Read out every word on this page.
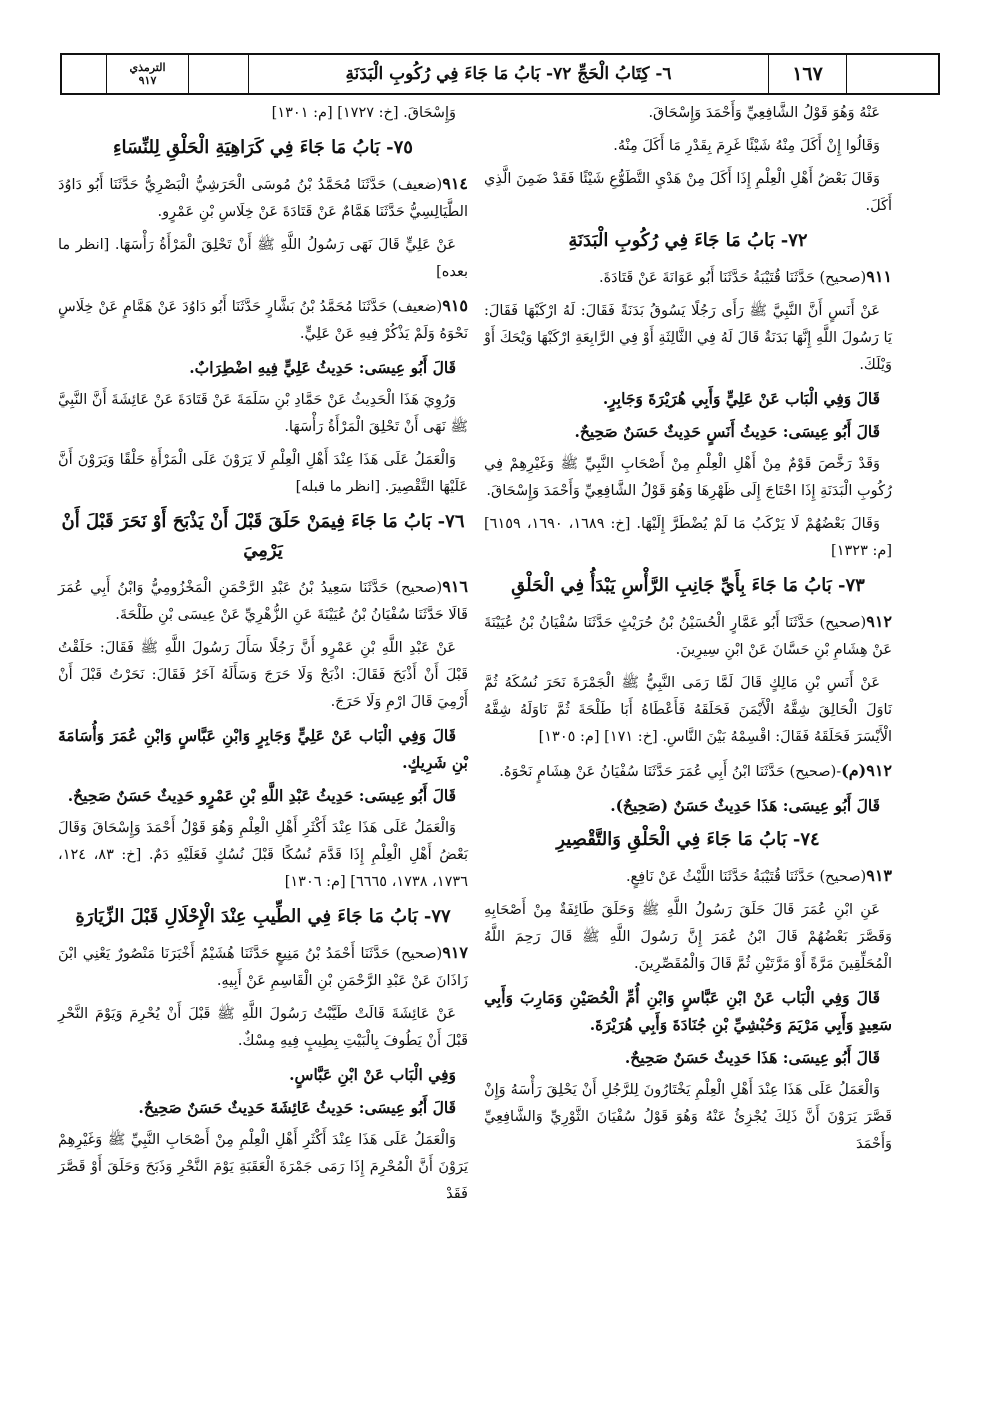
١٦٧
٦- كِتَابُ الْحَجِّ ٧٢- بَابُ مَا جَاءَ فِي رُكُوبِ الْبَدَنَةِ
الترمذي
٩١٧

عَنْهُ وَهُوَ قَوْلُ الشَّافِعِيِّ وَأَحْمَدَ وَإِسْحَاقَ.

وَقَالُوا إِنْ أَكَلَ مِنْهُ شَيْئًا غَرِمَ بِقَدْرِ مَا أَكَلَ مِنْهُ.

وَقَالَ بَعْضُ أَهْلِ الْعِلْمِ إِذَا أَكَلَ مِنْ هَدْيِ التَّطَوُّعِ شَيْئًا فَقَدْ ضَمِنَ الَّذِي أَكَلَ.

٧٢- بَابُ مَا جَاءَ فِي رُكُوبِ الْبَدَنَةِ

٩١١(صحيح) حَدَّثَنَا قُتَيْبَةُ حَدَّثَنَا أَبُو عَوَانَةَ عَنْ قَتَادَةَ.

عَنْ أَنَسٍ أَنَّ النَّبِيَّ ﷺ رَأَى رَجُلًا يَسُوقُ بَدَنَةً فَقَالَ: لَهُ ارْكَبْهَا فَقَالَ: يَا رَسُولَ اللَّهِ إِنَّهَا بَدَنَةٌ قَالَ لَهُ فِي الثَّالِثَةِ أَوْ فِي الرَّابِعَةِ ارْكَبْهَا وَيْحَكَ أَوْ وَيْلَكَ.

قَالَ وَفِي الْبَاب عَنْ عَلِيٍّ وَأَبِي هُرَيْرَةَ وَجَابِرٍ.

قَالَ أَبُو عِيسَى: حَدِيثُ أَنَسٍ حَدِيثٌ حَسَنٌ صَحِيحٌ.

وَقَدْ رَخَّصَ قَوْمٌ مِنْ أَهْلِ الْعِلْمِ مِنْ أَصْحَابِ النَّبِيِّ ﷺ وَغَيْرِهِمْ فِي رُكُوبِ الْبَدَنَةِ إِذَا احْتَاجَ إِلَى ظَهْرِهَا وَهُوَ قَوْلُ الشَّافِعِيِّ وَأَحْمَدَ وَإِسْحَاقَ.

وَقَالَ بَعْضُهُمْ لَا يَرْكَبُ مَا لَمْ يُضْطَرَّ إِلَيْهَا. [خ: ١٦٨٩، ١٦٩٠، ٦١٥٩] [م: ١٣٢٣]

٧٣- بَابُ مَا جَاءَ بِأَيِّ جَانِبِ الرَّأْسِ يَبْدَأُ فِي الْحَلْقِ

٩١٢(صحيح) حَدَّثَنَا أَبُو عَمَّارٍ الْحُسَيْنُ بْنُ حُرَيْثٍ حَدَّثَنَا سُفْيَانُ بْنُ عُيَيْنَةَ عَنْ هِشَامِ بْنِ حَسَّانَ عَنْ ابْنِ سِيرِينَ.

عَنْ أَنَسِ بْنِ مَالِكٍ قَالَ لَمَّا رَمَى النَّبِيُّ ﷺ الْجَمْرَةَ نَحَرَ نُسُكَهُ ثُمَّ نَاوَلَ الْحَالِقَ شِقَّهُ الْأَيْمَنَ فَحَلَقَهُ فَأَعْطَاهُ أَبَا طَلْحَةَ ثُمَّ نَاوَلَهُ شِقَّهُ الْأَيْسَرَ فَحَلَقَهُ فَقَالَ: اقْسِمْهُ بَيْنَ النَّاسِ. [خ: ١٧١] [م: ١٣٠٥]

٩١٢(م)-(صحيح) حَدَّثَنَا ابْنُ أَبِي عُمَرَ حَدَّثَنَا سُفْيَانُ عَنْ هِشَامٍ نَحْوَهُ.

قَالَ أَبُو عِيسَى: هَذَا حَدِيثٌ حَسَنٌ (صَحِيحٌ).

٧٤- بَابُ مَا جَاءَ فِي الْحَلْقِ وَالتَّقْصِيرِ

٩١٣(صحيح) حَدَّثَنَا قُتَيْبَةُ حَدَّثَنَا اللَّيْثُ عَنْ نَافِعٍ.

عَنِ ابْنِ عُمَرَ قَالَ حَلَقَ رَسُولُ اللَّهِ ﷺ وَحَلَقَ طَائِفَةٌ مِنْ أَصْحَابِهِ وَقَصَّرَ بَعْضُهُمْ قَالَ ابْنُ عُمَرَ إِنَّ رَسُولَ اللَّهِ ﷺ قَالَ رَحِمَ اللَّهُ الْمُحَلِّقِينَ مَرَّةً أَوْ مَرَّتَيْنِ ثُمَّ قَالَ وَالْمُقَصِّرِينَ.

قَالَ وَفِي الْبَاب عَنْ ابْنِ عَبَّاسٍ وَابْنِ أُمِّ الْحُصَيْنِ وَمَارِبَ وَأَبِي سَعِيدٍ وَأَبِي مَرْيَمَ وَحُبْشِيِّ بْنِ جُنَادَةَ وَأَبِي هُرَيْرَةَ.

قَالَ أَبُو عِيسَى: هَذَا حَدِيثٌ حَسَنٌ صَحِيحٌ.

وَالْعَمَلُ عَلَى هَذَا عِنْدَ أَهْلِ الْعِلْمِ يَخْتَارُونَ لِلرَّجُلِ أَنْ يَحْلِقَ رَأْسَهُ وَإِنْ قَصَّرَ يَرَوْنَ أَنَّ ذَلِكَ يُجْزِئُ عَنْهُ وَهُوَ قَوْلُ سُفْيَانَ الثَّوْرِيِّ وَالشَّافِعِيِّ وَأَحْمَدَ

وَإِسْحَاقَ. [خ: ١٧٢٧] [م: ١٣٠١]

٧٥- بَابُ مَا جَاءَ فِي كَرَاهِيَةِ الْحَلْقِ لِلنِّسَاءِ

٩١٤(ضعيف) حَدَّثَنَا مُحَمَّدُ بْنُ مُوسَى الْحَرَشِيُّ الْبَصْرِيُّ حَدَّثَنَا أَبُو دَاوُدَ الطَّيَالِسِيُّ حَدَّثَنَا هَمَّامٌ عَنْ قَتَادَةَ عَنْ خِلَاسِ بْنِ عَمْرٍو.

عَنْ عَلِيٍّ قَالَ نَهَى رَسُولُ اللَّهِ ﷺ أَنْ تَحْلِقَ الْمَرْأَةُ رَأْسَهَا. [انظر ما بعده]

٩١٥(ضعيف) حَدَّثَنَا مُحَمَّدُ بْنُ بَشَّارٍ حَدَّثَنَا أَبُو دَاوُدَ عَنْ هَمَّامٍ عَنْ خِلَاسٍ نَحْوَهُ وَلَمْ يَذْكُرْ فِيهِ عَنْ عَلِيٍّ.

قَالَ أَبُو عِيسَى: حَدِيثُ عَلِيٍّ فِيهِ اضْطِرَابٌ.

وَرُوِيَ هَذَا الْحَدِيثُ عَنْ حَمَّادِ بْنِ سَلَمَةَ عَنْ قَتَادَةَ عَنْ عَائِشَةَ أَنَّ النَّبِيَّ ﷺ نَهَى أَنْ تَحْلِقَ الْمَرْأَةُ رَأْسَهَا.

وَالْعَمَلُ عَلَى هَذَا عِنْدَ أَهْلِ الْعِلْمِ لَا يَرَوْنَ عَلَى الْمَرْأَةِ حَلْقًا وَيَرَوْنَ أَنَّ عَلَيْهَا التَّقْصِيرَ. [انظر ما قبله]

٧٦- بَابُ مَا جَاءَ فِيمَنْ حَلَقَ قَبْلَ أَنْ يَذْبَحَ أَوْ نَحَرَ قَبْلَ أَنْ يَرْمِيَ

٩١٦(صحيح) حَدَّثَنَا سَعِيدُ بْنُ عَبْدِ الرَّحْمَنِ الْمَخْزُومِيُّ وَابْنُ أَبِي عُمَرَ قَالَا حَدَّثَنَا سُفْيَانُ بْنُ عُيَيْنَةَ عَنِ الزُّهْرِيِّ عَنْ عِيسَى بْنِ طَلْحَةَ.

عَنْ عَبْدِ اللَّهِ بْنِ عَمْرٍو أَنَّ رَجُلًا سَأَلَ رَسُولَ اللَّهِ ﷺ فَقَالَ: حَلَقْتُ قَبْلَ أَنْ أَذْبَحَ فَقَالَ: اذْبَحْ وَلَا حَرَجَ وَسَأَلَهُ آخَرُ فَقَالَ: نَحَرْتُ قَبْلَ أَنْ أَرْمِيَ قَالَ ارْمِ وَلَا حَرَجَ.

قَالَ وَفِي الْبَاب عَنْ عَلِيٍّ وَجَابِرٍ وَابْنِ عَبَّاسٍ وَابْنِ عُمَرَ وَأُسَامَةَ بْنِ شَرِيكٍ.

قَالَ أَبُو عِيسَى: حَدِيثُ عَبْدِ اللَّهِ بْنِ عَمْرٍو حَدِيثٌ حَسَنٌ صَحِيحٌ.

وَالْعَمَلُ عَلَى هَذَا عِنْدَ أَكْثَرِ أَهْلِ الْعِلْمِ وَهُوَ قَوْلُ أَحْمَدَ وَإِسْحَاقَ وَقَالَ بَعْضُ أَهْلِ الْعِلْمِ إِذَا قَدَّمَ نُسُكًا قَبْلَ نُسُكٍ فَعَلَيْهِ دَمٌ. [خ: ٨٣، ١٢٤، ١٧٣٦، ١٧٣٨، ٦٦٦٥] [م: ١٣٠٦]

٧٧- بَابُ مَا جَاءَ فِي الطِّيبِ عِنْدَ الْإِحْلَالِ قَبْلَ الزِّيَارَةِ

٩١٧(صحيح) حَدَّثَنَا أَحْمَدُ بْنُ مَنِيعٍ حَدَّثَنَا هُشَيْمٌ أَخْبَرَنَا مَنْصُورٌ يَعْنِي ابْنَ زَاذَانَ عَنْ عَبْدِ الرَّحْمَنِ بْنِ الْقَاسِمِ عَنْ أَبِيهِ.

عَنْ عَائِشَةَ قَالَتْ طَيَّبْتُ رَسُولَ اللَّهِ ﷺ قَبْلَ أَنْ يُحْرِمَ وَيَوْمَ النَّحْرِ قَبْلَ أَنْ يَطُوفَ بِالْبَيْتِ بِطِيبٍ فِيهِ مِسْكٌ.

وَفِي الْبَاب عَنْ ابْنِ عَبَّاسٍ.

قَالَ أَبُو عِيسَى: حَدِيثُ عَائِشَةَ حَدِيثٌ حَسَنٌ صَحِيحٌ.

وَالْعَمَلُ عَلَى هَذَا عِنْدَ أَكْثَرِ أَهْلِ الْعِلْمِ مِنْ أَصْحَابِ النَّبِيِّ ﷺ وَغَيْرِهِمْ يَرَوْنَ أَنَّ الْمُحْرِمَ إِذَا رَمَى جَمْرَةَ الْعَقَبَةِ يَوْمَ النَّحْرِ وَذَبَحَ وَحَلَقَ أَوْ قَصَّرَ فَقَدْ
